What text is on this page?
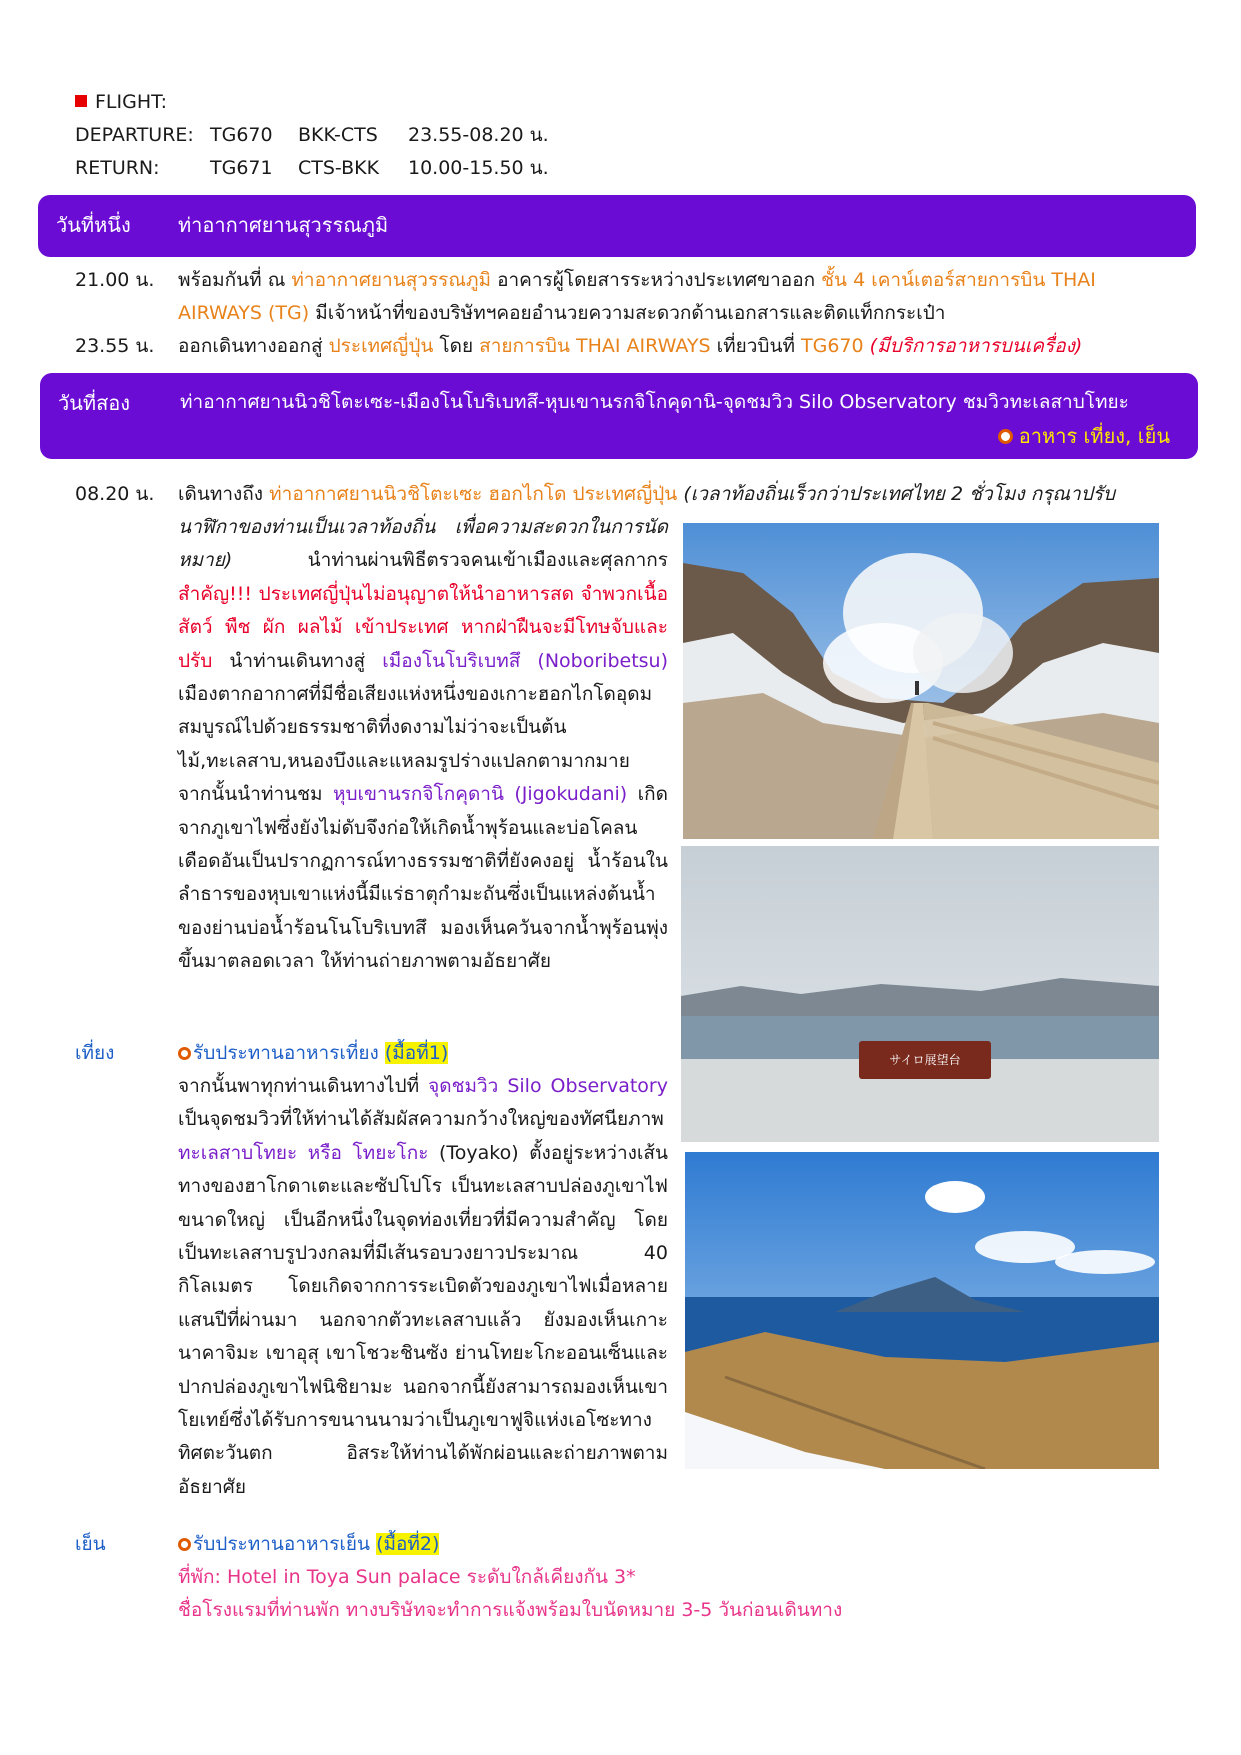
FLIGHT:
DEPARTURE: TG670	BKK-CTS	23.55-08.20 น.
RETURN:	TG671	CTS-BKK	10.00-15.50 น.
วันที่หนึ่ง ท่าอากาศยานสุวรรณภูมิ
21.00 น. พร้อมกันที่ ณ ท่าอากาศยานสุวรรณภูมิ อาคารผู้โดยสารระหว่างประเทศขาออก ชั้น 4 เคาน์เตอร์สายการบิน THAI AIRWAYS (TG) มีเจ้าหน้าที่ของบริษัทฯคอยอำนวยความสะดวกด้านเอกสารและติดแท็กกระเป๋า
23.55 น. ออกเดินทางออกสู่ ประเทศญี่ปุ่น โดย สายการบิน THAI AIRWAYS เที่ยวบินที่ TG670 (มีบริการอาหารบนเครื่อง)
วันที่สอง	ท่าอากาศยานนิวชิโตะเซะ-เมืองโนโบริเบทสึ-หุบเขานรกจิโกคุดานิ-จุดชมวิว Silo Observatory ชมวิวทะเลสาบโทยะ
อาหาร เที่ยง, เย็น
08.20 น. เดินทางถึง ท่าอากาศยานนิวชิโตะเซะ ฮอกไกโด ประเทศญี่ปุ่น (เวลาท้องถิ่นเร็วกว่าประเทศไทย 2 ชั่วโมง กรุณาปรับ
นาฬิกาของท่านเป็นเวลาท้องถิ่น เพื่อความสะดวกในการนัดหมาย) นำท่านผ่านพิธีตรวจคนเข้าเมืองและศุลกากร สำคัญ!!! ประเทศญี่ปุ่นไม่อนุญาตให้นำอาหารสด จำพวกเนื้อสัตว์ พืช ผัก ผลไม้ เข้าประเทศ หากฝ่าฝืนจะมีโทษจับและปรับ นำท่านเดินทางสู่ เมืองโนโบริเบทสึ (Noboribetsu) เมืองตากอากาศที่มีชื่อเสียงแห่งหนึ่งของเกาะฮอกไกโดอุดมสมบูรณ์ไปด้วยธรรมชาติที่งดงามไม่ว่าจะเป็นต้นไม้,ทะเลสาบ,หนองบึงและแหลมรูปร่างแปลกตามากมาย จากนั้นนำท่านชม หุบเขานรกจิโกคุดานิ (Jigokudani) เกิดจากภูเขาไฟซึ่งยังไม่ดับจึงก่อให้เกิดน้ำพุร้อนและบ่อโคลนเดือดอันเป็นปรากฏการณ์ทางธรรมชาติที่ยังคงอยู่ น้ำร้อนในลำธารของหุบเขาแห่งนี้มีแร่ธาตุกำมะถันซึ่งเป็นแหล่งต้นน้ำของย่านบ่อน้ำร้อนโนโบริเบทสึ มองเห็นควันจากน้ำพุร้อนพุ่งขึ้นมาตลอดเวลา ให้ท่านถ่ายภาพตามอัธยาศัย
เที่ยง	รับประทานอาหารเที่ยง (มื้อที่1)
จากนั้นพาทุกท่านเดินทางไปที่ จุดชมวิว Silo Observatory เป็นจุดชมวิวที่ให้ท่านได้สัมผัสความกว้างใหญ่ของทัศนียภาพ ทะเลสาบโทยะ หรือ โทยะโกะ (Toyako) ตั้งอยู่ระหว่างเส้นทางของฮาโกดาเตะและซัปโปโร เป็นทะเลสาบปล่องภูเขาไฟขนาดใหญ่ เป็นอีกหนึ่งในจุดท่องเที่ยวที่มีความสำคัญ โดยเป็นทะเลสาบรูปวงกลมที่มีเส้นรอบวงยาวประมาณ 40 กิโลเมตร โดยเกิดจากการระเบิดตัวของภูเขาไฟเมื่อหลายแสนปีที่ผ่านมา นอกจากตัวทะเลสาบแล้ว ยังมองเห็นเกาะนาคาจิมะ เขาอุสุ เขาโชวะชินซัง ย่านโทยะโกะออนเซ็นและปากปล่องภูเขาไฟนิชิยามะ นอกจากนี้ยังสามารถมองเห็นเขาโยเทย์ซึ่งได้รับการขนานนามว่าเป็นภูเขาฟูจิแห่งเอโซะทางทิศตะวันตก อิสระให้ท่านได้พักผ่อนและถ่ายภาพตามอัธยาศัย
เย็น	รับประทานอาหารเย็น (มื้อที่2)
ที่พัก: Hotel in Toya Sun palace ระดับใกล้เคียงกัน 3*
ชื่อโรงแรมที่ท่านพัก ทางบริษัทจะทำการแจ้งพร้อมใบนัดหมาย 3-5 วันก่อนเดินทาง
サイロ展望台
